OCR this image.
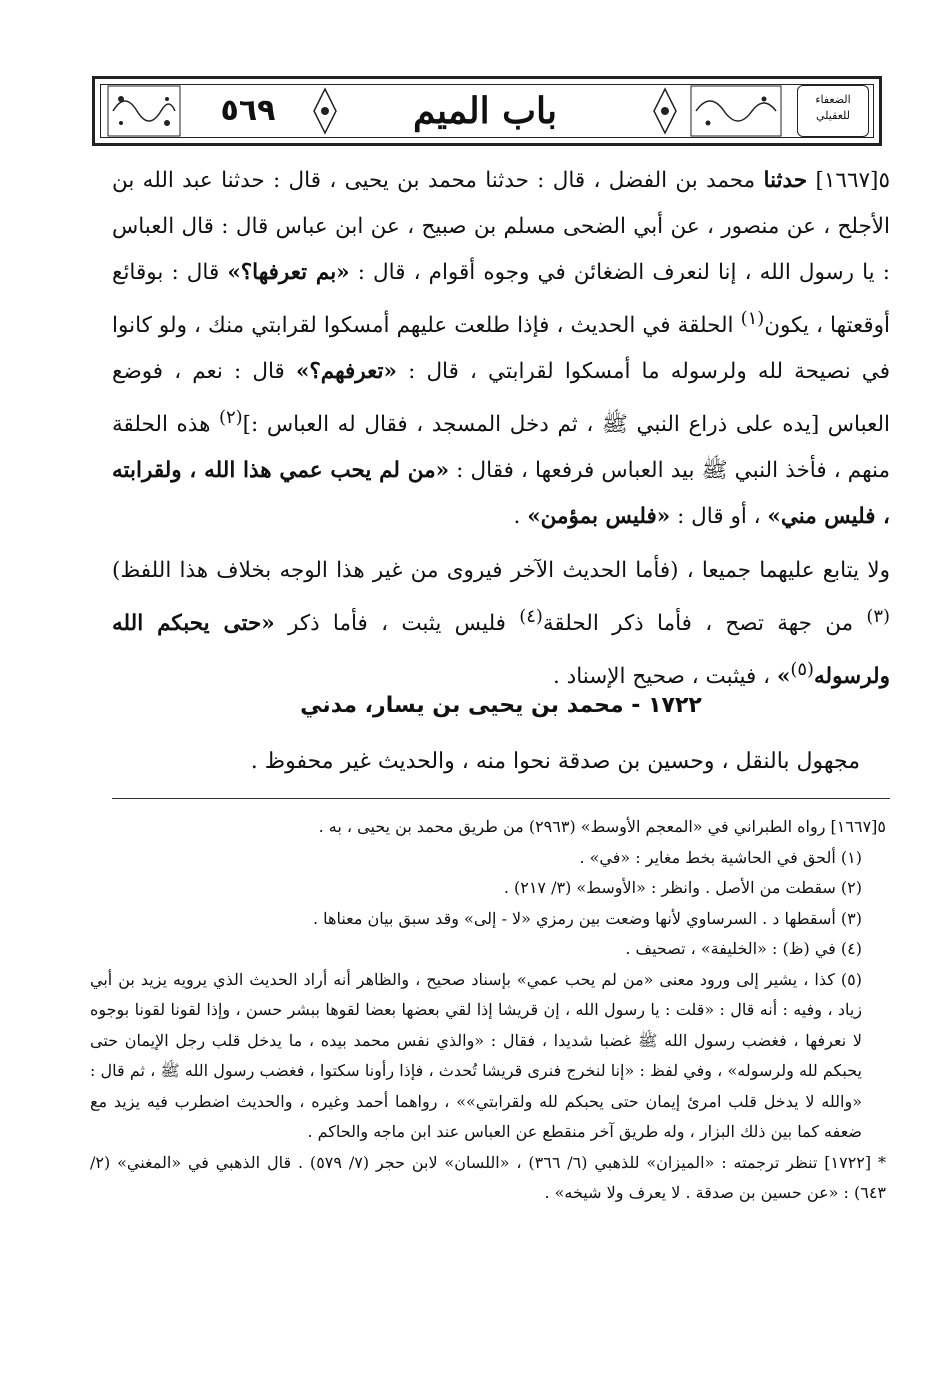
٥٦٩	باب الميم	الضعفاء
للعقيلي

٥[١٦٦٧] حدثنا محمد بن الفضل ، قال : حدثنا محمد بن يحيى ، قال : حدثنا عبد الله بن الأجلح ، عن منصور ، عن أبي الضحى مسلم بن صبيح ، عن ابن عباس قال : قال العباس : يا رسول الله ، إنا لنعرف الضغائن في وجوه أقوام ، قال : «بم تعرفها؟» قال : بوقائع أوقعتها ، يكون$^{(١)}$ الحلقة في الحديث ، فإذا طلعت عليهم أمسكوا لقرابتي منك ، ولو كانوا في نصيحة لله ولرسوله ما أمسكوا لقرابتي ، قال : «تعرفهم؟» قال : نعم ، فوضع العباس [يده على ذراع النبي ﷺ ، ثم دخل المسجد ، فقال له العباس :]$^{(٢)}$ هذه الحلقة منهم ، فأخذ النبي ﷺ بيد العباس فرفعها ، فقال : «من لم يحب عمي هذا الله ، ولقرابته ، فليس مني» ، أو قال : «فليس بمؤمن» .

ولا يتابع عليهما جميعا ، (فأما الحديث الآخر فيروى من غير هذا الوجه بخلاف هذا اللفظ)$^{(٣)}$ من جهة تصح ، فأما ذكر الحلقة$^{(٤)}$ فليس يثبت ، فأما ذكر «حتى يحبكم الله ولرسوله$^{(٥)}$» ، فيثبت ، صحيح الإسناد .

١٧٢٢ - محمد بن يحيى بن يسار، مدني
مجهول بالنقل ، وحسين بن صدقة نحوا منه ، والحديث غير محفوظ .

٥[١٦٦٧] رواه الطبراني في «المعجم الأوسط» (٢٩٦٣) من طريق محمد بن يحيى ، به .

(١) ألحق في الحاشية بخط مغاير : «في» .

(٢) سقطت من الأصل . وانظر : «الأوسط» (٣/ ٢١٧) .

(٣) أسقطها د . السرساوي لأنها وضعت بين رمزي «لا - إلى» وقد سبق بيان معناها .

(٤) في (ظ) : «الخليفة» ، تصحيف .

(٥) كذا ، يشير إلى ورود معنى «من لم يحب عمي» بإسناد صحيح ، والظاهر أنه أراد الحديث الذي يرويه يزيد بن أبي زياد ، وفيه : أنه قال : «قلت : يا رسول الله ، إن قريشا إذا لقي بعضها بعضا لقوها ببشر حسن ، وإذا لقونا لقونا بوجوه لا نعرفها ، فغضب رسول الله ﷺ غضبا شديدا ، فقال : «والذي نفس محمد بيده ، ما يدخل قلب رجل الإيمان حتى يحبكم لله ولرسوله» ، وفي لفظ : «إنا لنخرج فنرى قريشا تُحدث ، فإذا رأونا سكتوا ، فغضب رسول الله ﷺ ، ثم قال : «والله لا يدخل قلب امرئ إيمان حتى يحبكم لله ولقرابتي»» ، رواهما أحمد وغيره ، والحديث اضطرب فيه يزيد مع ضعفه كما بين ذلك البزار ، وله طريق آخر منقطع عن العباس عند ابن ماجه والحاكم .

* [١٧٢٢] تنظر ترجمته : «الميزان» للذهبي (٦/ ٣٦٦) ، «اللسان» لابن حجر (٧/ ٥٧٩) . قال الذهبي في «المغني» (٢/ ٦٤٣) : «عن حسين بن صدقة . لا يعرف ولا شيخه» .
